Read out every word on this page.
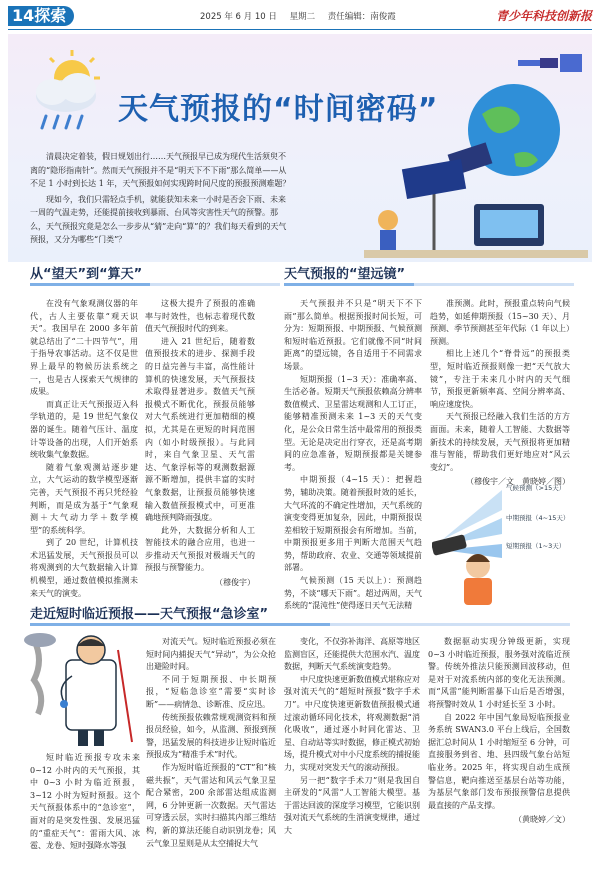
14探索	2025 年 6 月 10 日 星期二 责任编辑：南俊霞	青少年科技创新报
天气预报的“时间密码”

清晨决定着装，假日规划出行……天气预报早已成为现代生活须臾不离的“隐形指南针”。然而天气预报并不是“明天下不下雨”那么简单——从不足 1 小时到长达 1 年，天气预报如何实现跨时间尺度的预报预测难题？

现如今，我们只需轻点手机，就能获知未来一小时是否会下雨、未来一周的气温走势，还能提前接收到暴雨、台风等灾害性天气的预警。那么，天气预报究竟是怎么一步步从“猜”走向“算”的？我们每天看到的天气预报，又分为哪些“门类”？

从“望天”到“算天”

在没有气象观测仪器的年代，古人主要依靠“观天识天”。我国早在 2000 多年前就总结出了“二十四节气”，用于指导农事活动。这不仅是世界上最早的物候历法系统之一，也是古人探索天气规律的成果。

而真正让天气预报迈入科学轨道的，是 19 世纪气象仪器的诞生。随着气压计、温度计等设备的出现，人们开始系统收集气象数据。

随着气象观测站逐步建立，大气运动的数学模型逐渐完善，天气预报不再只凭经验判断，而是成为基于“气象观测＋大气动力学＋数学模型”的系统科学。

到了 20 世纪，计算机技术迅猛发展，天气预报员可以将观测到的大气数据输入计算机模型，通过数值模拟推测未来天气的演变。

这极大提升了预报的准确率与时效性，也标志着现代数值天气预报时代的到来。

进入 21 世纪后，随着数值预报技术的进步、探测手段的日益完善与丰富，高性能计算机的快速发展，天气预报技术取得显著进步。数值天气预报模式不断优化，预报员能够对大气系统进行更加精细的模拟，尤其是在更短的时间范围内（如小时级预报）。与此同时，来自气象卫星、天气雷达、气象浮标等的观测数据源源不断增加，提供丰富的实时气象数据，让预报员能够快速输入数值预报模式中，可更准确地预判降雨强度。

此外，大数据分析和人工智能技术的融合应用，也进一步推动天气预报对极端天气的预报与预警能力。

（穆俊宇）
天气预报的“望远镜”

天气预报并不只是“明天下不下雨”那么简单。根据预报时间长短，可分为：短期预报、中期预报、气候预测和短时临近预报。它们就像不同“时间距离”的望远镜，各自适用于不同需求场景。

短期预报（1~3 天）：准确率高、生活必备。短期天气预报依赖高分辨率数值模式、卫星雷达观测和人工订正，能够精准预测未来 1~3 天的天气变化，是公众日常生活中最常用的预报类型。无论是决定出行穿衣，还是高考期间的应急准备，短期预报都是关键参考。

中期预报（4~15 天）：把握趋势，辅助决策。随着预报时效的延长，大气环流的不确定性增加，天气系统的演变变得更加复杂，因此，中期预报误差相较于短期预报会有所增加。当前，中期预报更多用于判断大范围天气趋势，帮助政府、农业、交通等领域提前部署。

气候预测（15 天以上）：预测趋势，不谈“哪天下雨”。超过两周，天气系统的“混沌性”使得逐日天气无法精

准预测。此时，预报重点转向气候趋势，如延伸期预报（15~30 天）、月预测、季节预测甚至年代际（1 年以上）预测。

相比上述几个“脊骨远”的预报类型，短时临近预报则像一把“天气放大镜”，专注于未来几小时内的天气细节，预报更新频率高、空间分辨率高、响应速度快。

天气预报已经融入我们生活的方方面面。未来，随着人工智能、大数据等新技术的持续发展，天气预报将更加精准与智能，帮助我们更好地应对“风云变幻”。

（穆俊宇／文　黄晓婷／图）
气候预测（>15天）
中期预报（4~15天）
短期预报（1~3天）
走近短时临近预报——天气预报“急诊室”

短时临近预报专攻未来 0~12 小时内的天气预报，其中 0~3 小时为临近预报，3~12 小时为短时预报。这个天气预报体系中的“急诊室”，面对的是突发性强、发展迅猛的“重症天气”：雷雨大风、冰雹、龙卷、短时强降水等强

对流天气。短时临近预报必须在短时间内捕捉天气“异动”，为公众抢出避险时间。

不同于短期预报、中长期预报，“短临急诊室”需要“实时诊断”——病情急、诊断准、反应迅。

传统预报依赖常规观测资料和预报员经验，如今，从监测、预报到预警，迅猛发展的科技进步让短时临近预报成为“精准手术”时代。

作为短时临近预报的“CT”和“核磁共振”，天气雷达和风云气象卫星配合紧密，200 余部雷达组成监测网，6 分钟更新一次数据。天气雷达可穿透云层，实时扫描其内部三维结构，新的算法还能自动识别龙卷；风云气象卫星则是从太空捕捉大气

变化，不仅弥补海洋、高原等地区监测盲区，还能提供大范围水汽、温度数据，判断天气系统演变趋势。

中尺度快速更新数值模式堪称应对强对流天气的“超短时预报“数字手术刀”。中尺度快速更新数值预报模式通过滚动循环同化技术，将观测数据“消化吸收”，通过逐小时同化雷达、卫星、自动站等实时数据，修正模式初始场，提升模式对中小尺度系统的捕捉能力，实现对突发天气的滚动预报。

另一把“数字手术刀”则是我国自主研发的“风雷”人工智能大模型。基于雷达回波的深度学习模型，它能识别强对流天气系统的生消演变规律，通过大

数据驱动实现分钟级更新，实现 0~3 小时临近预报，服务强对流临近预警。传统外推法只能预测回波移动，但是对于对流系统内部的变化无法预测。而“风雷”能判断雷暴下山后是否增强，将预警时效从 1 小时延长至 3 小时。

自 2022 年中国气象局短临预报业务系统 SWAN3.0 平台上线后，全国数据汇总时间从 1 小时缩短至 6 分钟，可直接服务到省、地、县四级气象台站短临业务。2025 年，将实现自动生成预警信息，靶向推送至基层台站等功能，为基层气象部门发布预报预警信息提供最直接的产品支撑。

（黄晓婷／文）
